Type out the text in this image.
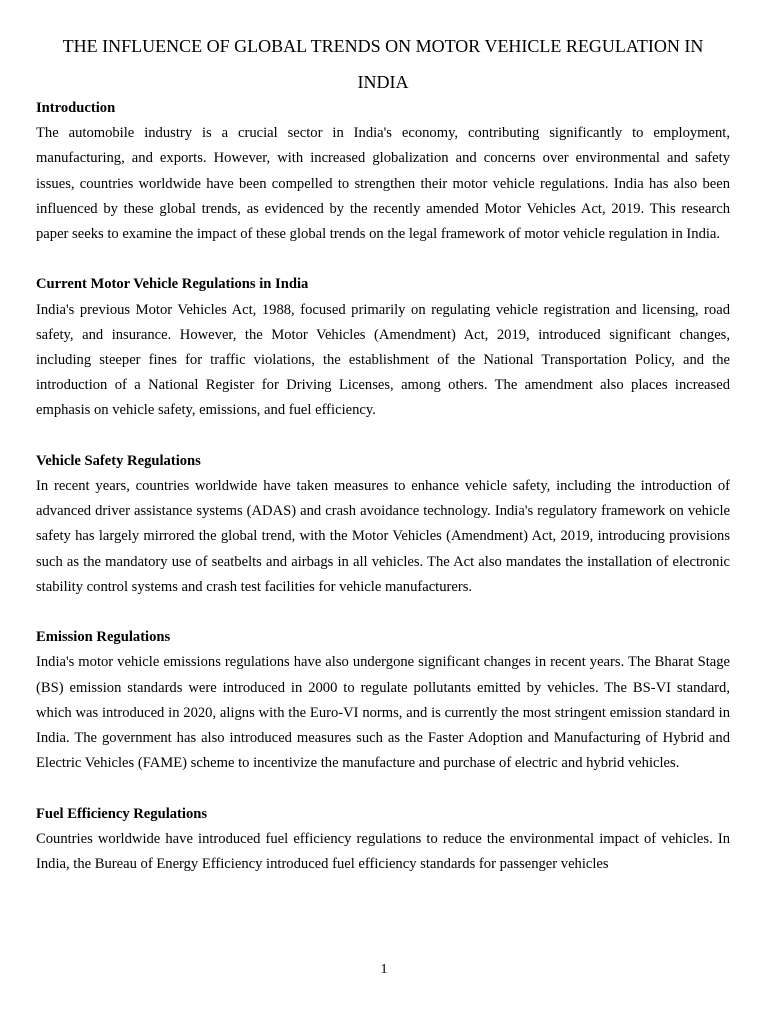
THE INFLUENCE OF GLOBAL TRENDS ON MOTOR VEHICLE REGULATION IN INDIA

Introduction

The automobile industry is a crucial sector in India's economy, contributing significantly to employment, manufacturing, and exports. However, with increased globalization and concerns over environmental and safety issues, countries worldwide have been compelled to strengthen their motor vehicle regulations. India has also been influenced by these global trends, as evidenced by the recently amended Motor Vehicles Act, 2019. This research paper seeks to examine the impact of these global trends on the legal framework of motor vehicle regulation in India.

Current Motor Vehicle Regulations in India

India's previous Motor Vehicles Act, 1988, focused primarily on regulating vehicle registration and licensing, road safety, and insurance. However, the Motor Vehicles (Amendment) Act, 2019, introduced significant changes, including steeper fines for traffic violations, the establishment of the National Transportation Policy, and the introduction of a National Register for Driving Licenses, among others. The amendment also places increased emphasis on vehicle safety, emissions, and fuel efficiency.

Vehicle Safety Regulations

In recent years, countries worldwide have taken measures to enhance vehicle safety, including the introduction of advanced driver assistance systems (ADAS) and crash avoidance technology. India's regulatory framework on vehicle safety has largely mirrored the global trend, with the Motor Vehicles (Amendment) Act, 2019, introducing provisions such as the mandatory use of seatbelts and airbags in all vehicles. The Act also mandates the installation of electronic stability control systems and crash test facilities for vehicle manufacturers.

Emission Regulations

India's motor vehicle emissions regulations have also undergone significant changes in recent years. The Bharat Stage (BS) emission standards were introduced in 2000 to regulate pollutants emitted by vehicles. The BS-VI standard, which was introduced in 2020, aligns with the Euro-VI norms, and is currently the most stringent emission standard in India. The government has also introduced measures such as the Faster Adoption and Manufacturing of Hybrid and Electric Vehicles (FAME) scheme to incentivize the manufacture and purchase of electric and hybrid vehicles.

Fuel Efficiency Regulations

Countries worldwide have introduced fuel efficiency regulations to reduce the environmental impact of vehicles. In India, the Bureau of Energy Efficiency introduced fuel efficiency standards for passenger vehicles

1
